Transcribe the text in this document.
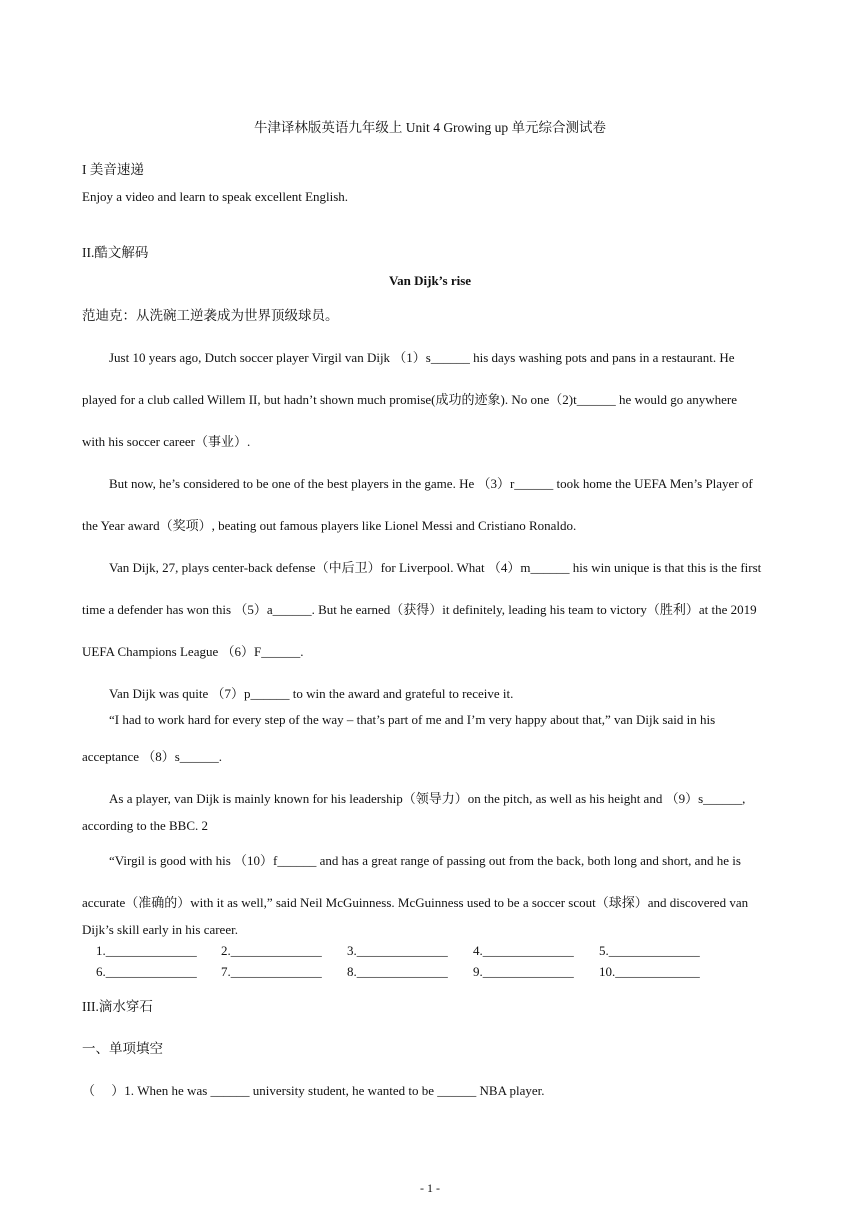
牛津译林版英语九年级上 Unit 4 Growing up 单元综合测试卷
I 美音速递
Enjoy a video and learn to speak excellent English.
II.酷文解码
Van Dijk’s rise
范迪克：从洗碗工逆袭成为世界顶级球员。
Just 10 years ago, Dutch soccer player Virgil van Dijk （1）s______ his days washing pots and pans in a restaurant. He
played for a club called Willem II, but hadn’t shown much promise(成功的迹象). No one（2)t______ he would go anywhere
with his soccer career（事业）.
But now, he’s considered to be one of the best players in the game. He （3）r______ took home the UEFA Men’s Player of
the Year award（奖项）, beating out famous players like Lionel Messi and Cristiano Ronaldo.
Van Dijk, 27, plays center-back defense（中后卫）for Liverpool. What （4）m______ his win unique is that this is the first
time a defender has won this （5）a______. But he earned（获得）it definitely, leading his team to victory（胜利）at the 2019
UEFA Champions League （6）F______.
Van Dijk was quite （7）p______ to win the award and grateful to receive it.
“I had to work hard for every step of the way – that’s part of me and I’m very happy about that,” van Dijk said in his
acceptance （8）s______.
As a player, van Dijk is mainly known for his leadership（领导力）on the pitch, as well as his height and （9）s______,
according to the BBC. 2
“Virgil is good with his （10）f______ and has a great range of passing out from the back, both long and short, and he is
accurate（准确的）with it as well,” said Neil McGuinness. McGuinness used to be a soccer scout（球探）and discovered van
Dijk’s skill early in his career.
1.______________ 2.______________ 3.______________ 4.______________ 5.______________
6.______________ 7.______________ 8.______________ 9.______________ 10._____________
III.滴水穿石
一、单项填空
（　 ）1. When he was ______ university student, he wanted to be ______ NBA player.
- 1 -
